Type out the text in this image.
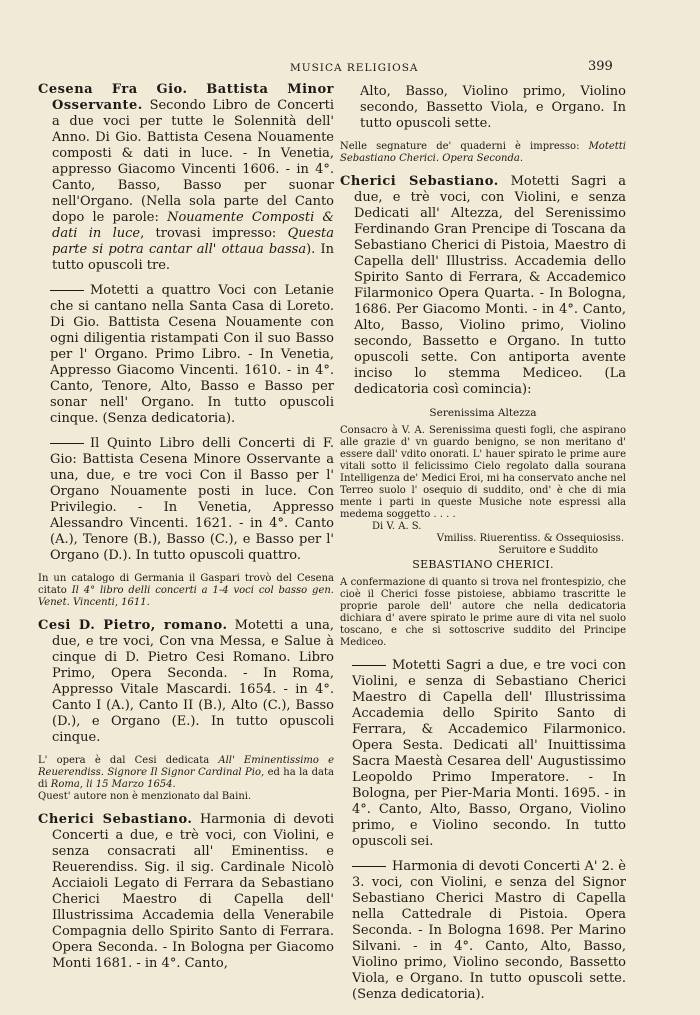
MUSICA RELIGIOSA	399

Cesena Fra Gio. Battista Minor Osservante. Secondo Libro de Concerti a due voci per tutte le Solennità dell' Anno. Di Gio. Battista Cesena Nouamente composti & dati in luce. - In Venetia, appresso Giacomo Vincenti 1606. - in 4°. Canto, Basso, Basso per suonar nell'Organo. (Nella sola parte del Canto dopo le parole: Nouamente Composti & dati in luce, trovasi impresso: Questa parte si potra cantar all' ottaua bassa). In tutto opuscoli tre.

Motetti a quattro Voci con Letanie che si cantano nella Santa Casa di Loreto. Di Gio. Battista Cesena Nouamente con ogni diligentia ristampati Con il suo Basso per l' Organo. Primo Libro. - In Venetia, Appresso Giacomo Vincenti. 1610. - in 4°. Canto, Tenore, Alto, Basso e Basso per sonar nell' Organo. In tutto opuscoli cinque. (Senza dedicatoria).

Il Quinto Libro delli Concerti di F. Gio: Battista Cesena Minore Osservante a una, due, e tre voci Con il Basso per l' Organo Nouamente posti in luce. Con Privilegio. - In Venetia, Appresso Alessandro Vincenti. 1621. - in 4°. Canto (A.), Tenore (B.), Basso (C.), e Basso per l' Organo (D.). In tutto opuscoli quattro.

In un catalogo di Germania il Gaspari trovò del Cesena citato Il 4° libro delli concerti a 1-4 voci col basso gen. Venet. Vincenti, 1611.

Cesi D. Pietro, romano. Motetti a una, due, e tre voci, Con vna Messa, e Salue à cinque di D. Pietro Cesi Romano. Libro Primo, Opera Seconda. - In Roma, Appresso Vitale Mascardi. 1654. - in 4°. Canto I (A.), Canto II (B.), Alto (C.), Basso (D.), e Organo (E.). In tutto opuscoli cinque.

L' opera è dal Cesi dedicata All' Eminentissimo e Reuerendiss. Signore Il Signor Cardinal Pio, ed ha la data di Roma, li 15 Marzo 1654.
Quest' autore non è menzionato dal Baini.

Cherici Sebastiano. Harmonia di devoti Concerti a due, e trè voci, con Violini, e senza consacrati all' Eminentiss. e Reuerendiss. Sig. il sig. Cardinale Nicolò Acciaioli Legato di Ferrara da Sebastiano Cherici Maestro di Capella dell' Illustrissima Accademia della Venerabile Compagnia dello Spirito Santo di Ferrara. Opera Seconda. - In Bologna per Giacomo Monti 1681. - in 4°. Canto,

Alto, Basso, Violino primo, Violino secondo, Bassetto Viola, e Organo. In tutto opuscoli sette.

Nelle segnature de' quaderni è impresso: Motetti Sebastiano Cherici. Opera Seconda.

Cherici Sebastiano. Motetti Sagri a due, e trè voci, con Violini, e senza Dedicati all' Altezza, del Serenissimo Ferdinando Gran Prencipe di Toscana da Sebastiano Cherici di Pistoia, Maestro di Capella dell' Illustriss. Accademia dello Spirito Santo di Ferrara, & Accademico Filarmonico Opera Quarta. - In Bologna, 1686. Per Giacomo Monti. - in 4°. Canto, Alto, Basso, Violino primo, Violino secondo, Bassetto e Organo. In tutto opuscoli sette. Con antiporta avente inciso lo stemma Mediceo. (La dedicatoria così comincia):

Serenissima Altezza

Consacro à V. A. Serenissima questi fogli, che aspirano alle grazie d' vn guardo benigno, se non meritano d' essere dall' vdito onorati. L' hauer spirato le prime aure vitali sotto il felicissimo Cielo regolato dalla sourana Intelligenza de' Medici Eroi, mi ha conservato anche nel Terreo suolo l' osequio di suddito, ond' è che di mia mente i parti in queste Musiche note espressi alla medema soggetto . . . .

Di V. A. S.

Vmiliss. Riuerentiss. & Ossequiosiss.

Seruitore e Suddito

SEBASTIANO CHERICI.

A confermazione di quanto si trova nel frontespizio, che cioè il Cherici fosse pistoiese, abbiamo trascritte le proprie parole dell' autore che nella dedicatoria dichiara d' avere spirato le prime aure di vita nel suolo toscano, e che si sottoscrive suddito del Principe Mediceo.

Motetti Sagri a due, e tre voci con Violini, e senza di Sebastiano Cherici Maestro di Capella dell' Illustrissima Accademia dello Spirito Santo di Ferrara, & Accademico Filarmonico. Opera Sesta. Dedicati all' Inuittissima Sacra Maestà Cesarea dell' Augustissimo Leopoldo Primo Imperatore. - In Bologna, per Pier-Maria Monti. 1695. - in 4°. Canto, Alto, Basso, Organo, Violino primo, e Violino secondo. In tutto opuscoli sei.

Harmonia di devoti Concerti A' 2. è 3. voci, con Violini, e senza del Signor Sebastiano Cherici Mastro di Capella nella Cattedrale di Pistoia. Opera Seconda. - In Bologna 1698. Per Marino Silvani. - in 4°. Canto, Alto, Basso, Violino primo, Violino secondo, Bassetto Viola, e Organo. In tutto opuscoli sette. (Senza dedicatoria).
